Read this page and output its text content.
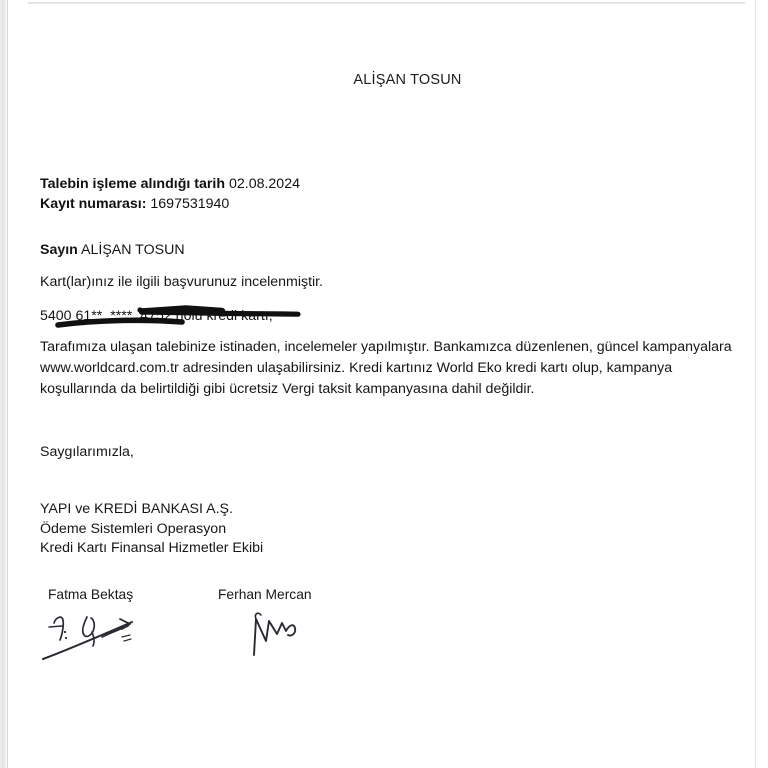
ALİŞAN TOSUN
Talebin işleme alındığı tarih 02.08.2024
Kayıt numarası: 1697531940
Sayın ALİŞAN TOSUN
Kart(lar)ınız ile ilgili başvurunuz incelenmiştir.
5400 61**  ****  4752 nolu kredi kartı;
Tarafımıza ulaşan talebinize istinaden, incelemeler yapılmıştır. Bankamızca düzenlenen, güncel kampanyalara www.worldcard.com.tr adresinden ulaşabilirsiniz. Kredi kartınız World Eko kredi kartı olup, kampanya koşullarında da belirtildiği gibi ücretsiz Vergi taksit kampanyasına dahil değildir.
Saygılarımızla,
YAPI ve KREDİ BANKASI A.Ş.
Ödeme Sistemleri Operasyon
Kredi Kartı Finansal Hizmetler Ekibi
Fatma Bektaş	Ferhan Mercan
